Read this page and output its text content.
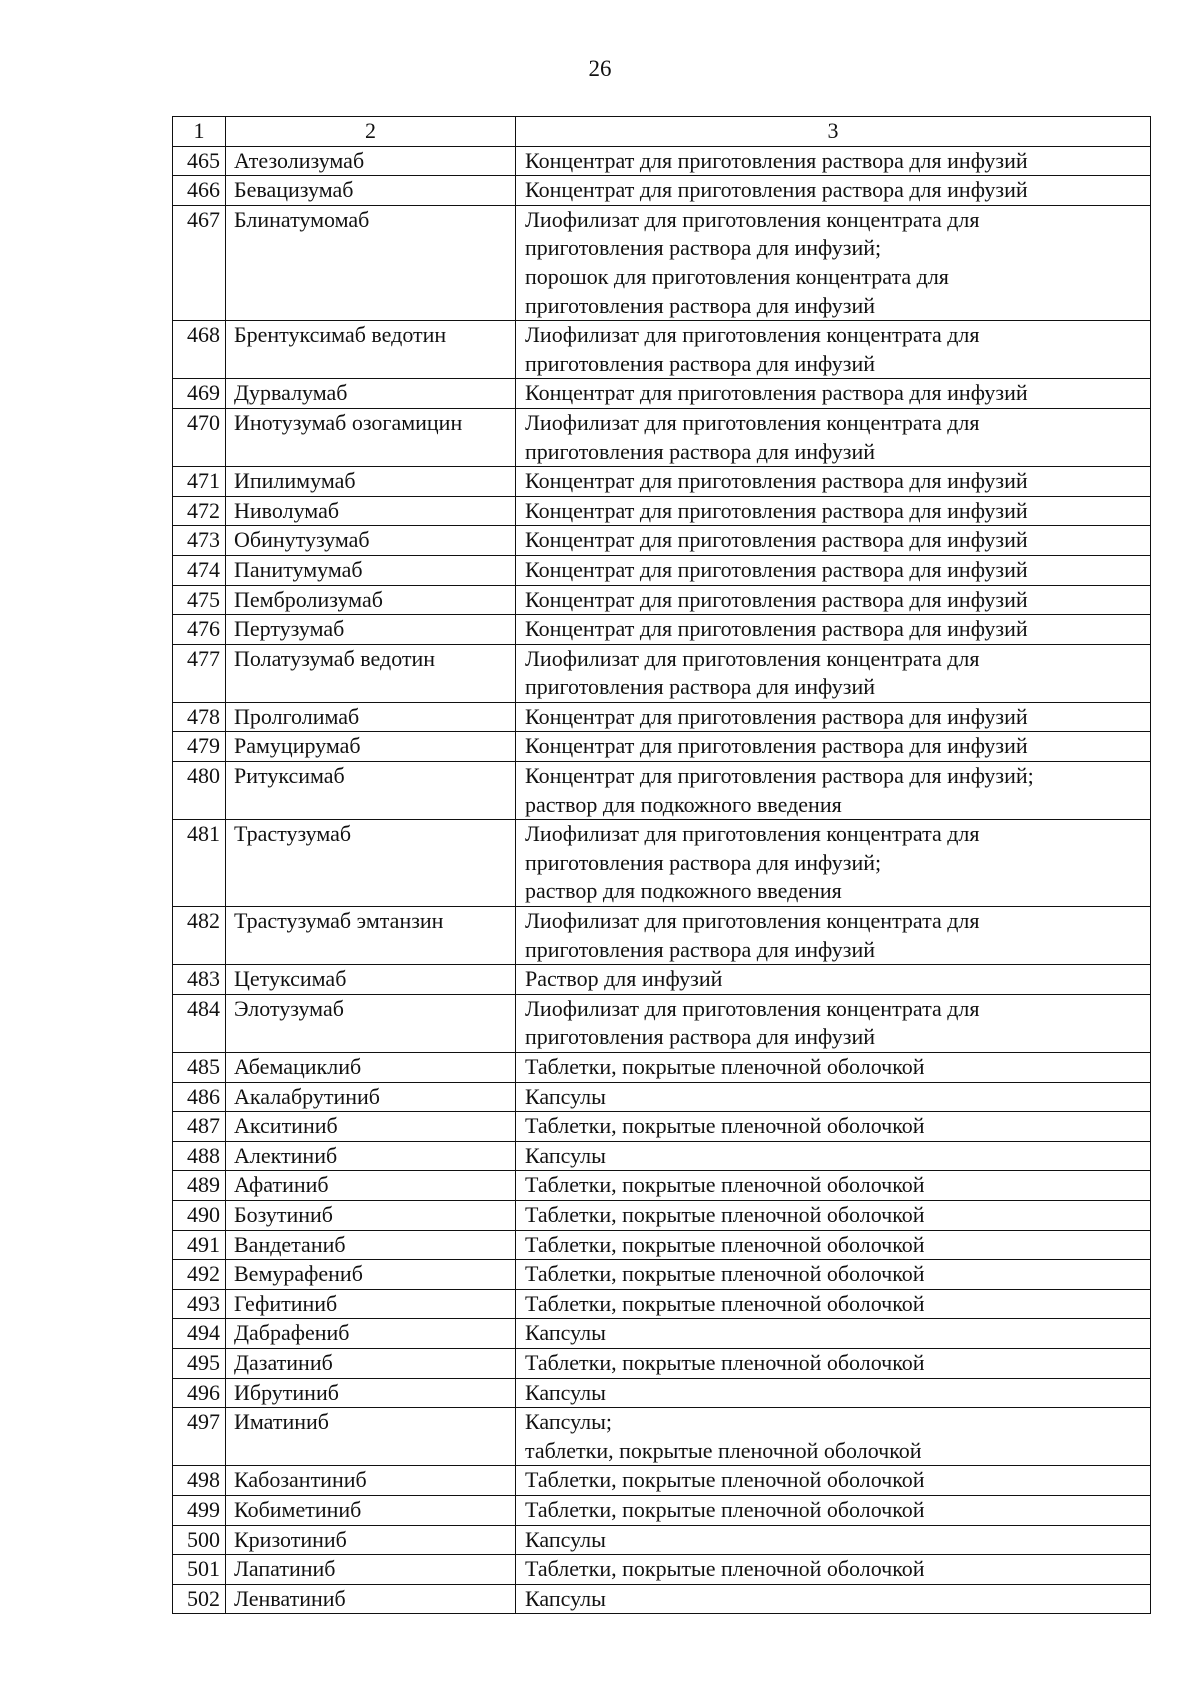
26
1	2	3
465	Атезолизумаб	Концентрат для приготовления раствора для инфузий

466	Бевацизумаб	Концентрат для приготовления раствора для инфузий

467	Блинатумомаб	Лиофилизат для приготовления концентрата для
приготовления раствора для инфузий;
порошок для приготовления концентрата для
приготовления раствора для инфузий

468	Брентуксимаб ведотин	Лиофилизат для приготовления концентрата для
приготовления раствора для инфузий

469	Дурвалумаб	Концентрат для приготовления раствора для инфузий

470	Инотузумаб озогамицин	Лиофилизат для приготовления концентрата для
приготовления раствора для инфузий

471	Ипилимумаб	Концентрат для приготовления раствора для инфузий

472	Ниволумаб	Концентрат для приготовления раствора для инфузий

473	Обинутузумаб	Концентрат для приготовления раствора для инфузий

474	Панитумумаб	Концентрат для приготовления раствора для инфузий

475	Пембролизумаб	Концентрат для приготовления раствора для инфузий

476	Пертузумаб	Концентрат для приготовления раствора для инфузий

477	Полатузумаб ведотин	Лиофилизат для приготовления концентрата для
приготовления раствора для инфузий

478	Пролголимаб	Концентрат для приготовления раствора для инфузий

479	Рамуцирумаб	Концентрат для приготовления раствора для инфузий

480	Ритуксимаб	Концентрат для приготовления раствора для инфузий;
раствор для подкожного введения

481	Трастузумаб	Лиофилизат для приготовления концентрата для
приготовления раствора для инфузий;
раствор для подкожного введения

482	Трастузумаб эмтанзин	Лиофилизат для приготовления концентрата для
приготовления раствора для инфузий

483	Цетуксимаб	Раствор для инфузий

484	Элотузумаб	Лиофилизат для приготовления концентрата для
приготовления раствора для инфузий

485	Абемациклиб	Таблетки, покрытые пленочной оболочкой

486	Акалабрутиниб	Капсулы

487	Акситиниб	Таблетки, покрытые пленочной оболочкой

488	Алектиниб	Капсулы

489	Афатиниб	Таблетки, покрытые пленочной оболочкой

490	Бозутиниб	Таблетки, покрытые пленочной оболочкой

491	Вандетаниб	Таблетки, покрытые пленочной оболочкой

492	Вемурафениб	Таблетки, покрытые пленочной оболочкой

493	Гефитиниб	Таблетки, покрытые пленочной оболочкой

494	Дабрафениб	Капсулы

495	Дазатиниб	Таблетки, покрытые пленочной оболочкой

496	Ибрутиниб	Капсулы

497	Иматиниб	Капсулы;
таблетки, покрытые пленочной оболочкой

498	Кабозантиниб	Таблетки, покрытые пленочной оболочкой

499	Кобиметиниб	Таблетки, покрытые пленочной оболочкой

500	Кризотиниб	Капсулы

501	Лапатиниб	Таблетки, покрытые пленочной оболочкой

502	Ленватиниб	Капсулы
